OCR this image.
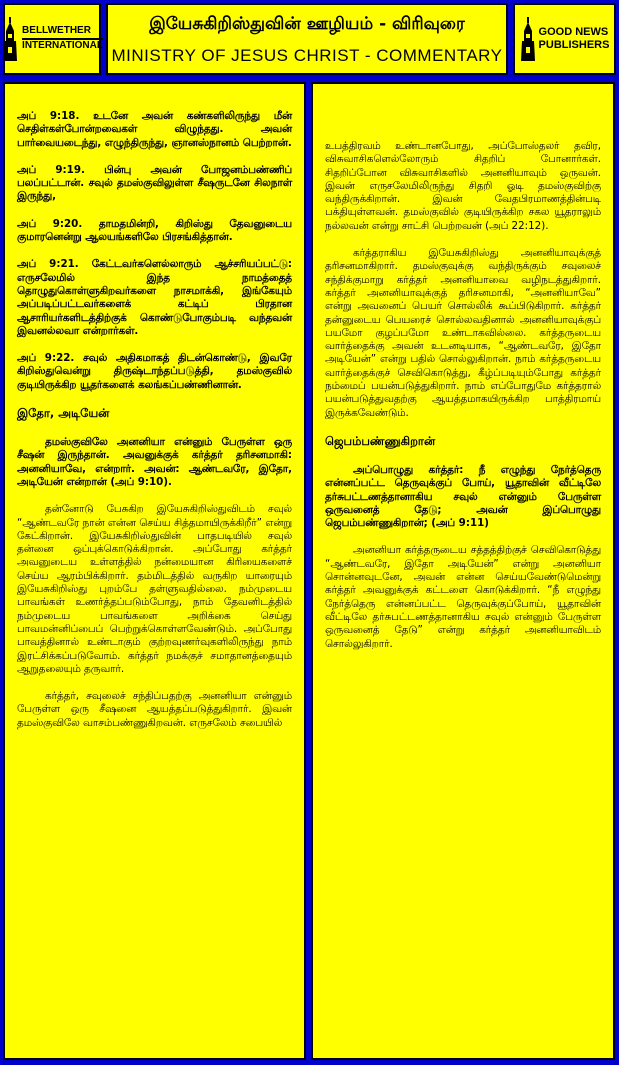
BELLWETHER
INTERNATIONAL
இயேசுகிறிஸ்துவின் ஊழியம் - விரிவுரை
MINISTRY OF JESUS CHRIST - COMMENTARY
GOOD NEWS
PUBLISHERS

அப் 9:18. உடனே அவன் கண்களிலிருந்து மீன் செதிள்கள்போன்றவைகள் விழுந்தது. அவன் பார்வையடைந்து, எழுந்திருந்து, ஞானஸ்நானம் பெற்றான்.

அப் 9:19. பின்பு அவன் போஜனம்பண்ணிப் பலப்பட்டான். சவுல் தமஸ்குவிலுள்ள சீஷருடனே சிலநாள் இருந்து,

அப் 9:20. தாமதமின்றி, கிறிஸ்து தேவனுடைய குமாரனென்று ஆலயங்களிலே பிரசங்கித்தான்.

அப் 9:21. கேட்டவர்களெல்லாரும் ஆச்சரியப்பட்டு: எருசலேமில் இந்த நாமத்தைத் தொழுதுகொள்ளுகிறவர்களை நாசமாக்கி, இங்கேயும் அப்படிப்பட்டவர்களைக் கட்டிப் பிரதான ஆசாரியர்களிடத்திற்குக் கொண்டுபோகும்படி வந்தவன் இவனல்லவா என்றார்கள்.

அப் 9:22. சவுல் அதிகமாகத் திடன்கொண்டு, இவரே கிறிஸ்துவென்று திருஷ்டாந்தப்படுத்தி, தமஸ்குவில் குடியிருக்கிற யூதர்களைக் கலங்கப்பண்ணினான்.

இதோ, அடியேன்

தமஸ்குவிலே அனனியா என்னும் பேருள்ள ஒரு சீஷன் இருந்தான். அவனுக்குக் கர்த்தர் தரிசனமாகி: அனனியாவே, என்றார். அவன்: ஆண்டவரே, இதோ, அடியேன் என்றான் (அப் 9:10).

தன்னோடு பேசுகிற இயேசுகிறிஸ்துவிடம் சவுல் “ஆண்டவரே நான் என்ன செய்ய சித்தமாயிருக்கிறீர்” என்று கேட்கிறான். இயேசுகிறிஸ்துவின் பாதபடியில் சவுல் தன்னை ஒப்புக்கொடுக்கிறான். அப்போது கர்த்தர் அவனுடைய உள்ளத்தில் நன்மையான கிரியைகளைச் செய்ய ஆரம்பிக்கிறார். தம்மிடத்தில் வருகிற யாரையும் இயேசுகிறிஸ்து புறம்பே தள்ளுவதில்லை. நம்முடைய பாவங்கள் உணர்த்தப்படும்போது, நாம் தேவனிடத்தில் நம்முடைய பாவங்களை அறிக்கை செய்து பாவமன்னிப்பைப் பெற்றுக்கொள்ளவேண்டும். அப்போது பாவத்தினால் உண்டாகும் குற்றவுணர்வுகளிலிருந்து நாம் இரட்சிக்கப்படுவோம். கர்த்தர் நமக்குச் சமாதானத்தையும் ஆறுதலையும் தருவார்.

கர்த்தர், சவுலைச் சந்திப்பதற்கு அனனியா என்னும் பேருள்ள ஒரு சீஷனை ஆயத்தப்படுத்துகிறார். இவன் தமஸ்குவிலே வாசம்பண்ணுகிறவன். எருசலேம் சபையில்

உபத்திரவம் உண்டானபோது, அப்போஸ்தலர் தவிர, விசுவாசிகளெல்லோரும் சிதறிப் போனார்கள். சிதறிப்போன விசுவாசிகளில் அனனியாவும் ஒருவன். இவன் எருசலேமிலிருந்து சிதறி ஓடி தமஸ்குவிற்கு வந்திருக்கிறான். இவன் வேதபிரமாணத்தின்படி பக்தியுள்ளவன். தமஸ்குவில் குடியிருக்கிற சகல யூதராலும் நல்லவன் என்று சாட்சி பெற்றவன் (அப் 22:12).

கர்த்தராகிய இயேசுகிறிஸ்து அனனியாவுக்குத் தரிசனமாகிறார். தமஸ்குவுக்கு வந்திருக்கும் சவுலைச் சந்திக்குமாறு கர்த்தர் அனனியாவை வழிநடத்துகிறார். கர்த்தர் அனனியாவுக்குத் தரிசனமாகி, “அனனியாவே” என்று அவனைப் பெயர் சொல்லிக் கூப்பிடுகிறார். கர்த்தர் தன்னுடைய பெயரைச் சொல்லவதினால் அனனியாவுக்குப் பயமோ குழப்பமோ உண்டாகவில்லை. கர்த்தருடைய வார்த்தைக்கு அவன் உடனடியாக, “ஆண்டவரே, இதோ அடியேன்” என்று பதில் சொல்லுகிறான். நாம் கர்த்தருடைய வார்த்தைக்குச் செவிகொடுத்து, கீழ்ப்படியும்போது கர்த்தர் நம்மைப் பயன்படுத்துகிறார். நாம் எப்போதுமே கர்த்தரால் பயன்படுத்துவதற்கு ஆயத்தமாகயிருக்கிற பாத்திரமாய் இருக்கவேண்டும்.

ஜெபம்பண்ணுகிறான்

அப்பொழுது கர்த்தர்: நீ எழுந்து நேர்த்தெரு என்னப்பட்ட தெருவுக்குப் போய், யூதாவின் வீட்டிலே தர்சுபட்டணத்தானாகிய சவுல் என்னும் பேருள்ள ஒருவனைத் தேடு; அவன் இப்பொழுது ஜெபம்பண்ணுகிறான்; (அப் 9:11)

அனனியா கர்த்தருடைய சத்தத்திற்குச் செவிகொடுத்து “ஆண்டவரே, இதோ அடியேன்” என்று அனனியா சொன்னவுடனே, அவன் என்ன செய்யவேண்டுமென்று கர்த்தர் அவனுக்குக் கட்டளை கொடுக்கிறார். “நீ எழுந்து நேர்த்தெரு என்னப்பட்ட தெருவுக்குப்போய், யூதாவின் வீட்டிலே தர்சுபட்டணத்தானாகிய சவுல் என்னும் பேருள்ள ஒருவனைத் தேடு” என்று கர்த்தர் அனனியாவிடம் சொல்லுகிறார்.
